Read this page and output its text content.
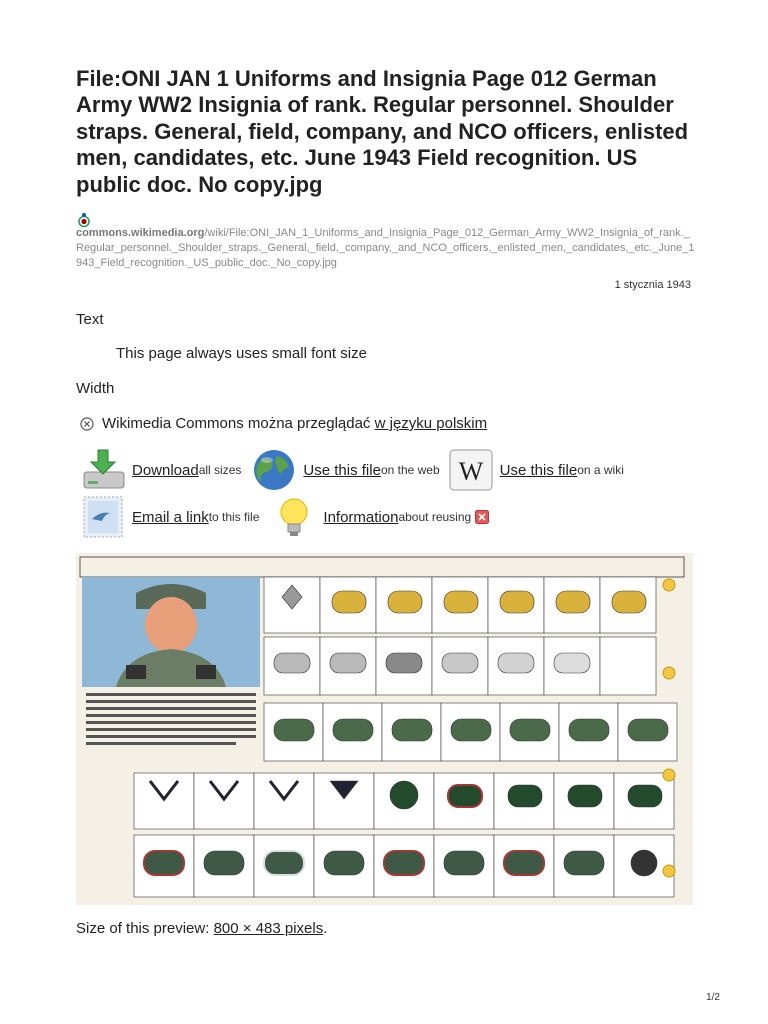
File:ONI JAN 1 Uniforms and Insignia Page 012 German Army WW2 Insignia of rank. Regular personnel. Shoulder straps. General, field, company, and NCO officers, enlisted men, candidates, etc. June 1943 Field recognition. US public doc. No copy.jpg
commons.wikimedia.org/wiki/File:ONI_JAN_1_Uniforms_and_Insignia_Page_012_German_Army_WW2_Insignia_of_rank._Regular_personnel._Shoulder_straps._General,_field,_company,_and_NCO_officers,_enlisted_men,_candidates,_etc._June_1943_Field_recognition._US_public_doc._No_copy.jpg
1 stycznia 1943
Text
This page always uses small font size
Width
Wikimedia Commons można przeglądać w języku polskim
Download all sizes	Use this file on the web W Use this file on a wiki
Email a link to this file	Information about reusing
Size of this preview: 800 × 483 pixels.
1/2
